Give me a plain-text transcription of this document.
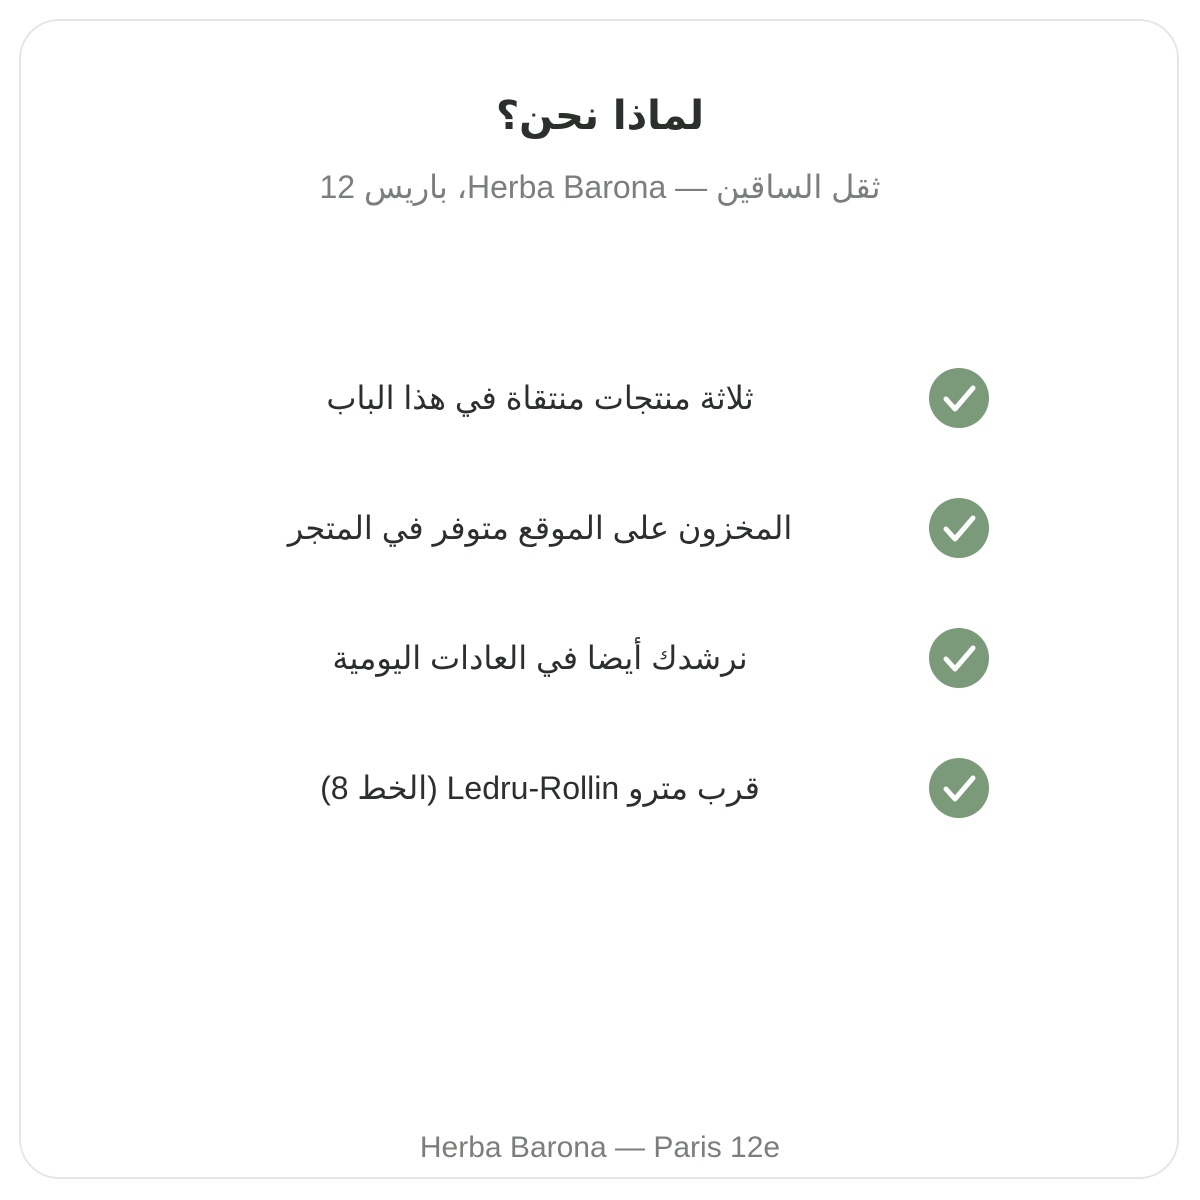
لماذا نحن؟
ثقل الساقين — Herba Barona، باريس 12
ثلاثة منتجات منتقاة في هذا الباب
المخزون على الموقع متوفر في المتجر
نرشدك أيضا في العادات اليومية
قرب مترو Ledru-Rollin (الخط 8)
Herba Barona — Paris 12e
